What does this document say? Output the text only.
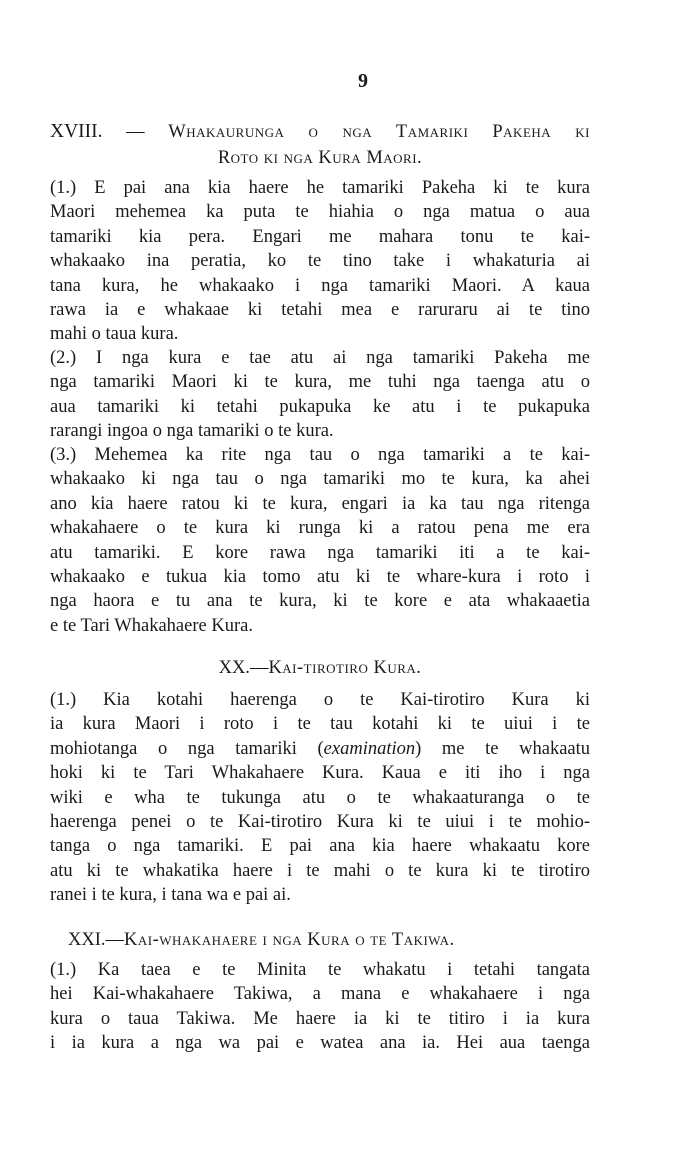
9
XVIII. — Whakaurunga o nga Tamariki Pakeha ki
Roto ki nga Kura Maori.
(1.) E pai ana kia haere he tamariki Pakeha ki te kura
Maori mehemea ka puta te hiahia o nga matua o aua
tamariki kia pera. Engari me mahara tonu te kai-
whakaako ina peratia, ko te tino take i whakaturia ai
tana kura, he whakaako i nga tamariki Maori. A kaua
rawa ia e whakaae ki tetahi mea e raruraru ai te tino
mahi o taua kura.
(2.) I nga kura e tae atu ai nga tamariki Pakeha me
nga tamariki Maori ki te kura, me tuhi nga taenga atu o
aua tamariki ki tetahi pukapuka ke atu i te pukapuka
rarangi ingoa o nga tamariki o te kura.
(3.) Mehemea ka rite nga tau o nga tamariki a te kai-
whakaako ki nga tau o nga tamariki mo te kura, ka ahei
ano kia haere ratou ki te kura, engari ia ka tau nga ritenga
whakahaere o te kura ki runga ki a ratou pena me era
atu tamariki. E kore rawa nga tamariki iti a te kai-
whakaako e tukua kia tomo atu ki te whare-kura i roto i
nga haora e tu ana te kura, ki te kore e ata whakaaetia
e te Tari Whakahaere Kura.
XX.—Kai-tirotiro Kura.
(1.) Kia kotahi haerenga o te Kai-tirotiro Kura ki
ia kura Maori i roto i te tau kotahi ki te uiui i te
mohiotanga o nga tamariki (examination) me te whakaatu
hoki ki te Tari Whakahaere Kura. Kaua e iti iho i nga
wiki e wha te tukunga atu o te whakaaturanga o te
haerenga penei o te Kai-tirotiro Kura ki te uiui i te mohio-
tanga o nga tamariki. E pai ana kia haere whakaatu kore
atu ki te whakatika haere i te mahi o te kura ki te tirotiro
ranei i te kura, i tana wa e pai ai.
XXI.—Kai-whakahaere i nga Kura o te Takiwa.
(1.) Ka taea e te Minita te whakatu i tetahi tangata
hei Kai-whakahaere Takiwa, a mana e whakahaere i nga
kura o taua Takiwa. Me haere ia ki te titiro i ia kura
i ia kura a nga wa pai e watea ana ia. Hei aua taenga
